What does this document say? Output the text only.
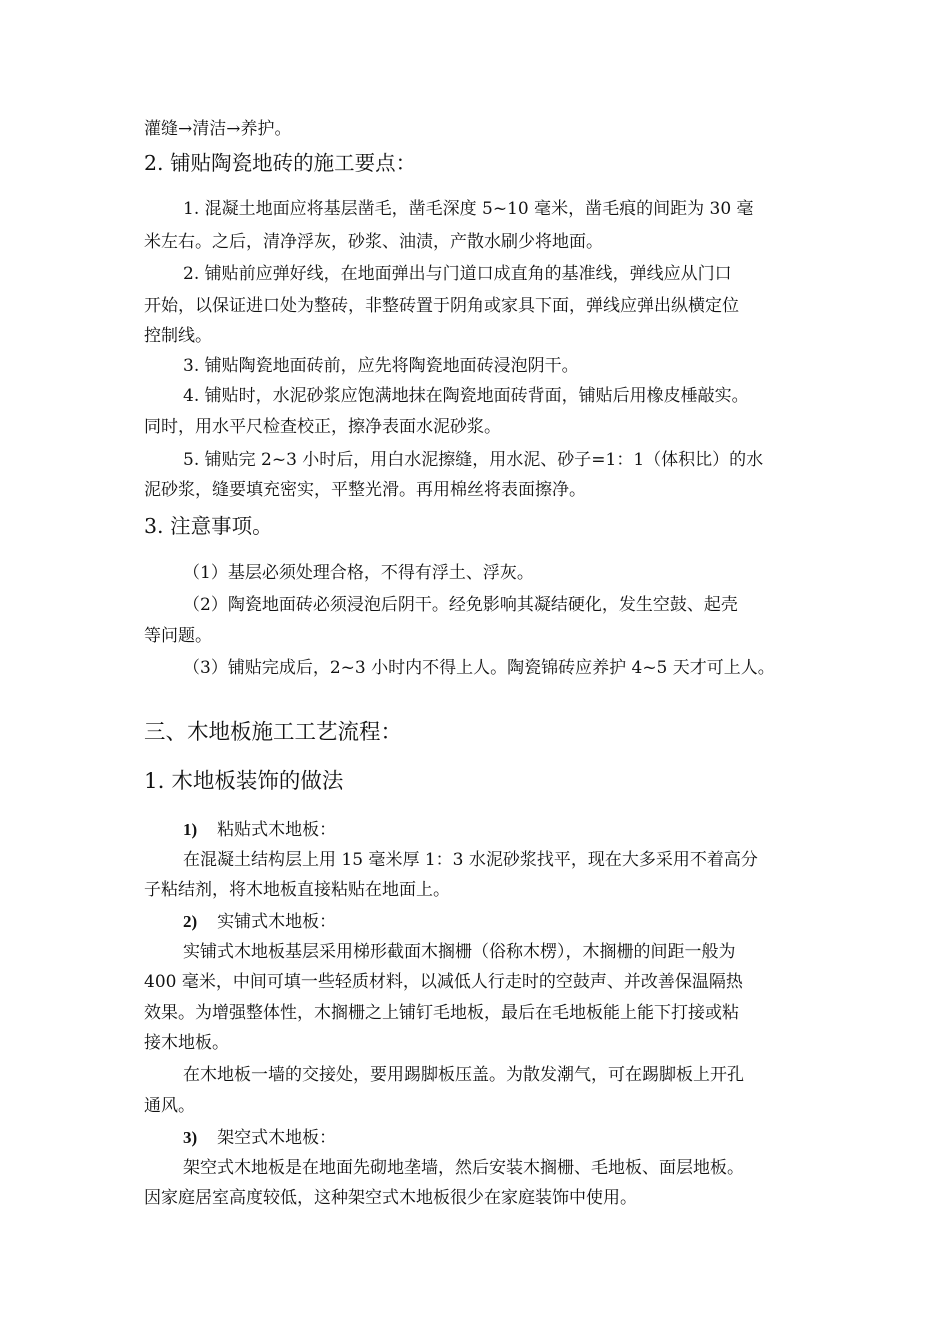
灌缝→清洁→养护。
2. 铺贴陶瓷地砖的施工要点：
1. 混凝土地面应将基层凿毛，凿毛深度 5~10 毫米，凿毛痕的间距为 30 毫
米左右。之后，清净浮灰，砂浆、油渍，产散水刷少将地面。
2. 铺贴前应弹好线，在地面弹出与门道口成直角的基准线，弹线应从门口
开始，以保证进口处为整砖，非整砖置于阴角或家具下面，弹线应弹出纵横定位
控制线。
3. 铺贴陶瓷地面砖前，应先将陶瓷地面砖浸泡阴干。
4. 铺贴时，水泥砂浆应饱满地抹在陶瓷地面砖背面，铺贴后用橡皮棰敲实。
同时，用水平尺检查校正，擦净表面水泥砂浆。
5. 铺贴完 2~3 小时后，用白水泥擦缝，用水泥、砂子=1：1（体积比）的水
泥砂浆，缝要填充密实，平整光滑。再用棉丝将表面擦净。
3. 注意事项。
（1）基层必须处理合格，不得有浮土、浮灰。
（2）陶瓷地面砖必须浸泡后阴干。经免影响其凝结硬化，发生空鼓、起壳
等问题。
（3）铺贴完成后，2~3 小时内不得上人。陶瓷锦砖应养护 4~5 天才可上人。
三、木地板施工工艺流程：
1. 木地板装饰的做法
1) 粘贴式木地板：
在混凝土结构层上用 15 毫米厚 1：3 水泥砂浆找平，现在大多采用不着高分
子粘结剂，将木地板直接粘贴在地面上。
2) 实铺式木地板：
实铺式木地板基层采用梯形截面木搁栅（俗称木楞），木搁栅的间距一般为
400 毫米，中间可填一些轻质材料，以减低人行走时的空鼓声、并改善保温隔热
效果。为增强整体性，木搁栅之上铺钉毛地板，最后在毛地板能上能下打接或粘
接木地板。
在木地板一墙的交接处，要用踢脚板压盖。为散发潮气，可在踢脚板上开孔
通风。
3) 架空式木地板：
架空式木地板是在地面先砌地垄墙，然后安装木搁栅、毛地板、面层地板。
因家庭居室高度较低，这种架空式木地板很少在家庭装饰中使用。
